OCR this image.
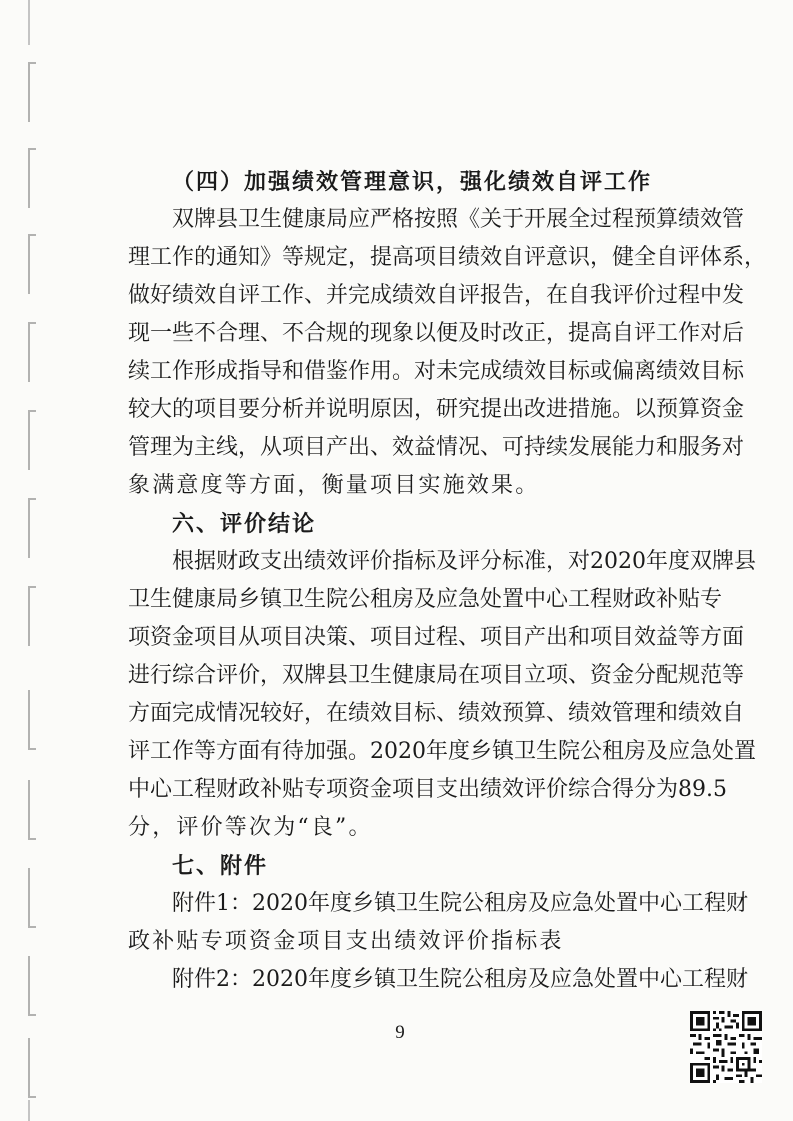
（四）加强绩效管理意识，强化绩效自评工作
双牌县卫生健康局应严格按照《关于开展全过程预算绩效管
理工作的通知》等规定，提高项目绩效自评意识，健全自评体系，
做好绩效自评工作、并完成绩效自评报告，在自我评价过程中发
现一些不合理、不合规的现象以便及时改正，提高自评工作对后
续工作形成指导和借鉴作用。对未完成绩效目标或偏离绩效目标
较大的项目要分析并说明原因，研究提出改进措施。以预算资金
管理为主线，从项目产出、效益情况、可持续发展能力和服务对
象满意度等方面，衡量项目实施效果。
六、评价结论
根据财政支出绩效评价指标及评分标准，对2020年度双牌县
卫生健康局乡镇卫生院公租房及应急处置中心工程财政补贴专
项资金项目从项目决策、项目过程、项目产出和项目效益等方面
进行综合评价，双牌县卫生健康局在项目立项、资金分配规范等
方面完成情况较好，在绩效目标、绩效预算、绩效管理和绩效自
评工作等方面有待加强。2020年度乡镇卫生院公租房及应急处置
中心工程财政补贴专项资金项目支出绩效评价综合得分为89.5
分，评价等次为“良”。
七、附件
附件1：2020年度乡镇卫生院公租房及应急处置中心工程财
政补贴专项资金项目支出绩效评价指标表
附件2：2020年度乡镇卫生院公租房及应急处置中心工程财
9
